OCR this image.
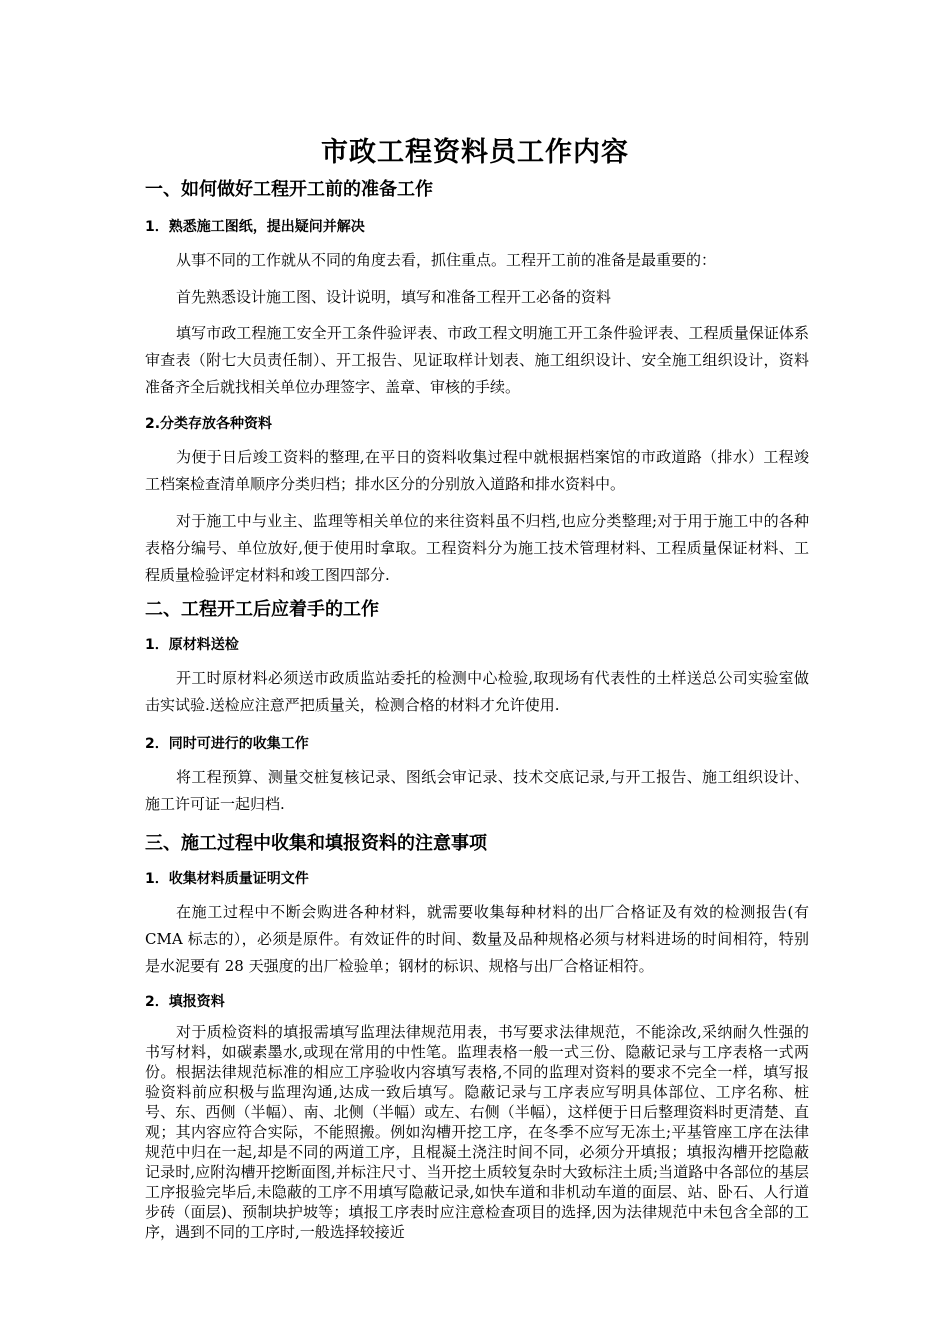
市政工程资料员工作内容
一、如何做好工程开工前的准备工作
1．熟悉施工图纸，提出疑问并解决

从事不同的工作就从不同的角度去看，抓住重点。工程开工前的准备是最重要的：

首先熟悉设计施工图、设计说明，填写和准备工程开工必备的资料

填写市政工程施工安全开工条件验评表、市政工程文明施工开工条件验评表、工程质量保证体系审查表（附七大员责任制）、开工报告、见证取样计划表、施工组织设计、安全施工组织设计，资料准备齐全后就找相关单位办理签字、盖章、审核的手续。

2.分类存放各种资料

为便于日后竣工资料的整理,在平日的资料收集过程中就根据档案馆的市政道路（排水）工程竣工档案检查清单顺序分类归档；排水区分的分别放入道路和排水资料中。

对于施工中与业主、监理等相关单位的来往资料虽不归档,也应分类整理;对于用于施工中的各种表格分编号、单位放好,便于使用时拿取。工程资料分为施工技术管理材料、工程质量保证材料、工程质量检验评定材料和竣工图四部分.

二、工程开工后应着手的工作
1．原材料送检

开工时原材料必须送市政质监站委托的检测中心检验,取现场有代表性的土样送总公司实验室做击实试验.送检应注意严把质量关，检测合格的材料才允许使用.

2．同时可进行的收集工作

将工程预算、测量交桩复核记录、图纸会审记录、技术交底记录,与开工报告、施工组织设计、施工许可证一起归档.

三、施工过程中收集和填报资料的注意事项
1．收集材料质量证明文件

在施工过程中不断会购进各种材料，就需要收集每种材料的出厂合格证及有效的检测报告(有 CMA 标志的），必须是原件。有效证件的时间、数量及品种规格必须与材料进场的时间相符，特别是水泥要有 28 天强度的出厂检验单；钢材的标识、规格与出厂合格证相符。

2．填报资料

对于质检资料的填报需填写监理法律规范用表，书写要求法律规范，不能涂改,采纳耐久性强的书写材料，如碳素墨水,或现在常用的中性笔。监理表格一般一式三份、隐蔽记录与工序表格一式两份。根据法律规范标准的相应工序验收内容填写表格,不同的监理对资料的要求不完全一样，填写报验资料前应积极与监理沟通,达成一致后填写。隐蔽记录与工序表应写明具体部位、工序名称、桩号、东、西侧（半幅）、南、北侧（半幅）或左、右侧（半幅），这样便于日后整理资料时更清楚、直观；其内容应符合实际，不能照搬。例如沟槽开挖工序，在冬季不应写无冻土;平基管座工序在法律规范中归在一起,却是不同的两道工序，且棍凝土浇注时间不同，必须分开填报；填报沟槽开挖隐蔽记录时,应附沟槽开挖断面图,并标注尺寸、当开挖土质较复杂时大致标注土质;当道路中各部位的基层工序报验完毕后,未隐蔽的工序不用填写隐蔽记录,如快车道和非机动车道的面层、站、卧石、人行道步砖（面层)、预制块护坡等；填报工序表时应注意检查项目的选择,因为法律规范中未包含全部的工序，遇到不同的工序时,一般选择较接近
